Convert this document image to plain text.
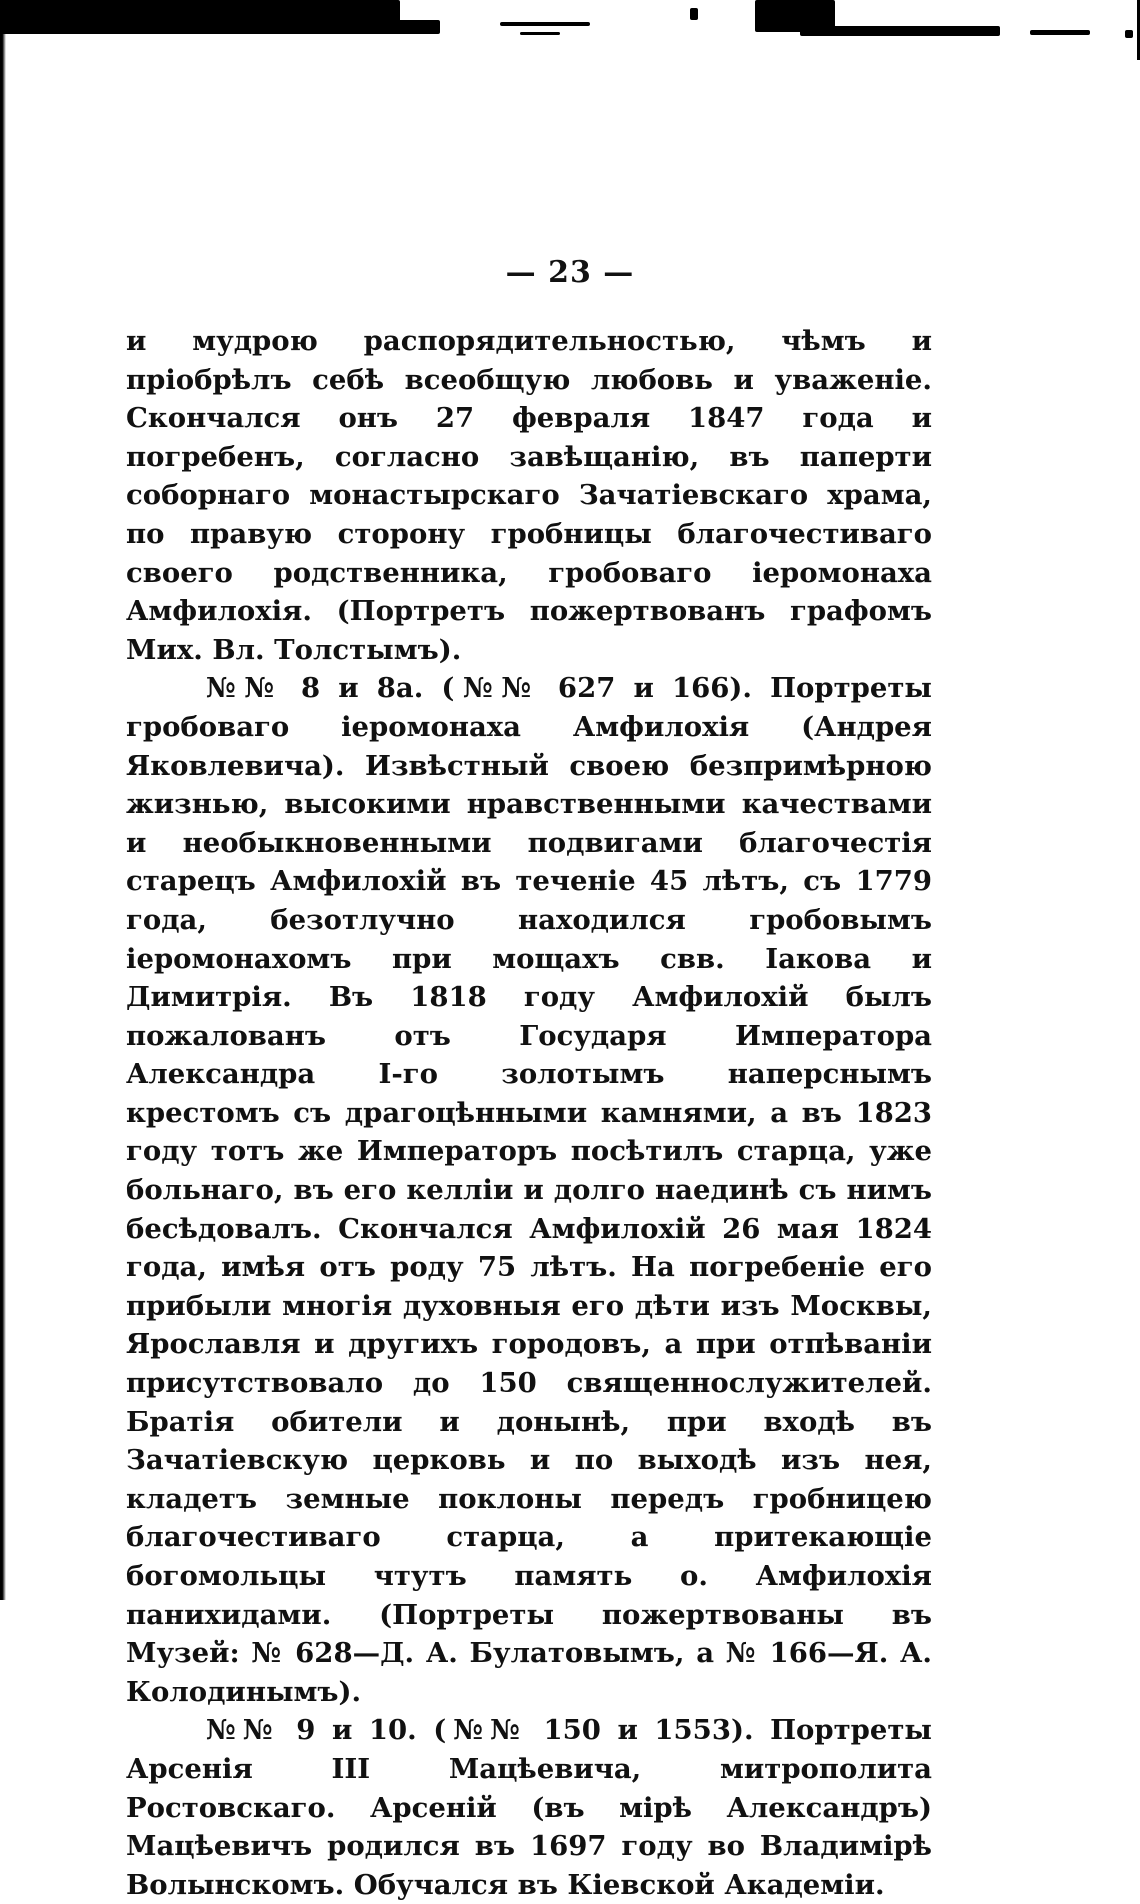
— 23 —

и мудрою распорядительностью, чѣмъ и пріобрѣлъ себѣ всеобщую любовь и уваженіе. Скончался онъ 27 февраля 1847 года и погребенъ, согласно завѣщанію, въ паперти соборнаго монастырскаго Зачатіевскаго храма, по правую сторону гробницы благочестиваго своего родственника, гробоваго іеромонаха Амфилохія. (Портретъ пожертвованъ графомъ Мих. Вл. Толстымъ).

№№ 8 и 8а. (№№ 627 и 166). Портреты гробоваго іеромонаха Амфилохія (Андрея Яковлевича). Извѣстный своею безпримѣрною жизнью, высокими нравственными качествами и необыкновенными подвигами благочестія старецъ Амфилохій въ теченіе 45 лѣтъ, съ 1779 года, безотлучно находился гробовымъ іеромонахомъ при мощахъ свв. Іакова и Димитрія. Въ 1818 году Амфилохій былъ пожалованъ отъ Государя Императора Александра I-го золотымъ наперснымъ крестомъ съ драгоцѣнными камнями, а въ 1823 году тотъ же Императоръ посѣтилъ старца, уже больнаго, въ его келліи и долго наединѣ съ нимъ бесѣдовалъ. Скончался Амфилохій 26 мая 1824 года, имѣя отъ роду 75 лѣтъ. На погребеніе его прибыли многія духовныя его дѣти изъ Москвы, Ярославля и другихъ городовъ, а при отпѣваніи присутствовало до 150 священнослужителей. Братія обители и донынѣ, при входѣ въ Зачатіевскую церковь и по выходѣ изъ нея, кладетъ земные поклоны передъ гробницею благочестиваго старца, а притекающіе богомольцы чтутъ память о. Амфилохія панихидами. (Портреты пожертвованы въ Музей: № 628—Д. А. Булатовымъ, а № 166—Я. А. Колодинымъ).

№№ 9 и 10. (№№ 150 и 1553). Портреты Арсенія III Мацѣевича, митрополита Ростовскаго. Арсеній (въ мірѣ Александръ) Мацѣевичъ родился въ 1697 году во Владимірѣ Волынскомъ. Обучался въ Кіевской Академіи.
